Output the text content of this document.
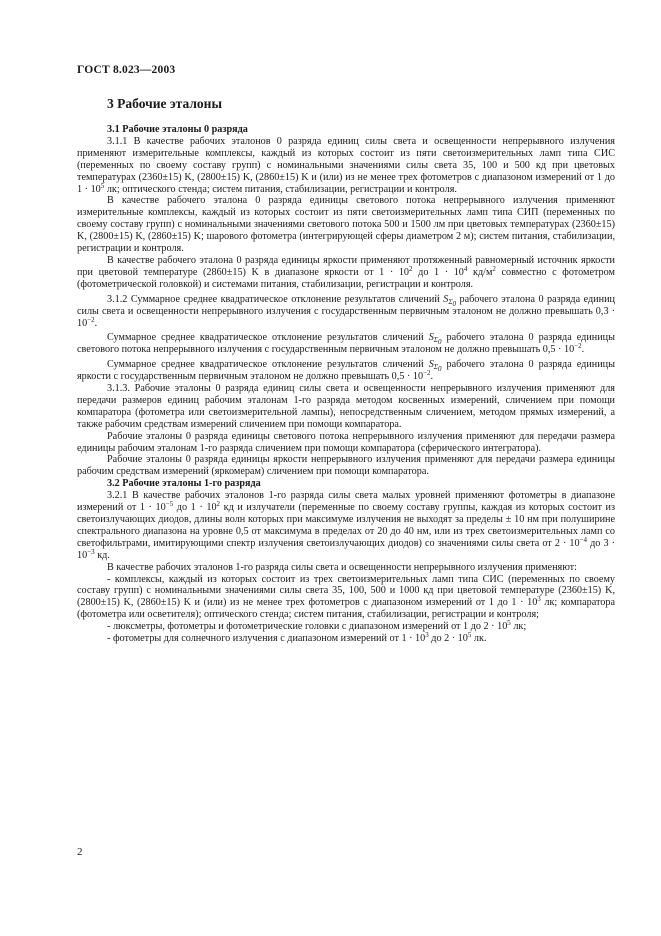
ГОСТ 8.023—2003
3 Рабочие эталоны

3.1 Рабочие эталоны 0 разряда

3.1.1 В качестве рабочих эталонов 0 разряда единиц силы света и освещенности непрерывного излучения применяют измерительные комплексы, каждый из которых состоит из пяти светоизмерительных ламп типа СИС (переменных по своему составу групп) с номинальными значениями силы света 35, 100 и 500 кд при цветовых температурах (2360±15) K, (2800±15) K, (2860±15) K и (или) из не менее трех фотометров с диапазоном измерений от 1 до $1 \cdot 10^5$ лк; оптического стенда; систем питания, стабилизации, регистрации и контроля.

В качестве рабочего эталона 0 разряда единицы светового потока непрерывного излучения применяют измерительные комплексы, каждый из которых состоит из пяти светоизмерительных ламп типа СИП (переменных по своему составу групп) с номинальными значениями светового потока 500 и 1500 лм при цветовых температурах (2360±15) K, (2800±15) K, (2860±15) K; шарового фотометра (интегрирующей сферы диаметром 2 м); систем питания, стабилизации, регистрации и контроля.

В качестве рабочего эталона 0 разряда единицы яркости применяют протяженный равномерный источник яркости при цветовой температуре (2860±15) K в диапазоне яркости от $1 \cdot 10^2$ до $1 \cdot 10^4$ $кд/м^2$ совместно с фотометром (фотометрической головкой) и системами питания, стабилизации, регистрации и контроля.

3.1.2 Суммарное среднее квадратическое отклонение результатов сличений $S_{\Sigma_0}$ рабочего эталона 0 разряда единиц силы света и освещенности непрерывного излучения с государственным первичным эталоном не должно превышать $0,3 \cdot 10^{-2}$.

Суммарное среднее квадратическое отклонение результатов сличений $S_{\Sigma_0}$ рабочего эталона 0 разряда единицы светового потока непрерывного излучения с государственным первичным эталоном не должно превышать $0,5 \cdot 10^{-2}$.

Суммарное среднее квадратическое отклонение результатов сличений $S_{\Sigma_0}$ рабочего эталона 0 разряда единицы яркости с государственным первичным эталоном не должно превышать $0,5 \cdot 10^{-2}$.

3.1.3. Рабочие эталоны 0 разряда единиц силы света и освещенности непрерывного излучения применяют для передачи размеров единиц рабочим эталонам 1-го разряда методом косвенных измерений, сличением при помощи компаратора (фотометра или светоизмерительной лампы), непосредственным сличением, методом прямых измерений, а также рабочим средствам измерений сличением при помощи компаратора.

Рабочие эталоны 0 разряда единицы светового потока непрерывного излучения применяют для передачи размера единицы рабочим эталонам 1-го разряда сличением при помощи компаратора (сферического интегратора).

Рабочие эталоны 0 разряда единицы яркости непрерывного излучения применяют для передачи размера единицы рабочим средствам измерений (яркомерам) сличением при помощи компаратора.

3.2 Рабочие эталоны 1-го разряда

3.2.1 В качестве рабочих эталонов 1-го разряда силы света малых уровней применяют фотометры в диапазоне измерений от $1 \cdot 10^{-5}$ до $1 \cdot 10^2$ кд и излучатели (переменные по своему составу группы, каждая из которых состоит из светоизлучающих диодов, длины волн которых при максимуме излучения не выходят за пределы ± 10 нм при полуширине спектрального диапазона на уровне 0,5 от максимума в пределах от 20 до 40 нм, или из трех светоизмерительных ламп со светофильтрами, имитирующими спектр излучения светоизлучающих диодов) со значениями силы света от $2 \cdot 10^{-4}$ до $3 \cdot 10^{-3}$ кд.

В качестве рабочих эталонов 1-го разряда силы света и освещенности непрерывного излучения применяют:

- комплексы, каждый из которых состоит из трех светоизмерительных ламп типа СИС (переменных по своему составу групп) с номинальными значениями силы света 35, 100, 500 и 1000 кд при цветовой температуре (2360±15) K, (2800±15) K, (2860±15) K и (или) из не менее трех фотометров с диапазоном измерений от 1 до $1 \cdot 10^3$ лк; компаратора (фотометра или осветителя); оптического стенда; систем питания, стабилизации, регистрации и контроля;

- люксметры, фотометры и фотометрические головки с диапазоном измерений от 1 до $2 \cdot 10^5$ лк;

- фотометры для солнечного излучения с диапазоном измерений от $1 \cdot 10^3$ до $2 \cdot 10^5$ лк.

2
